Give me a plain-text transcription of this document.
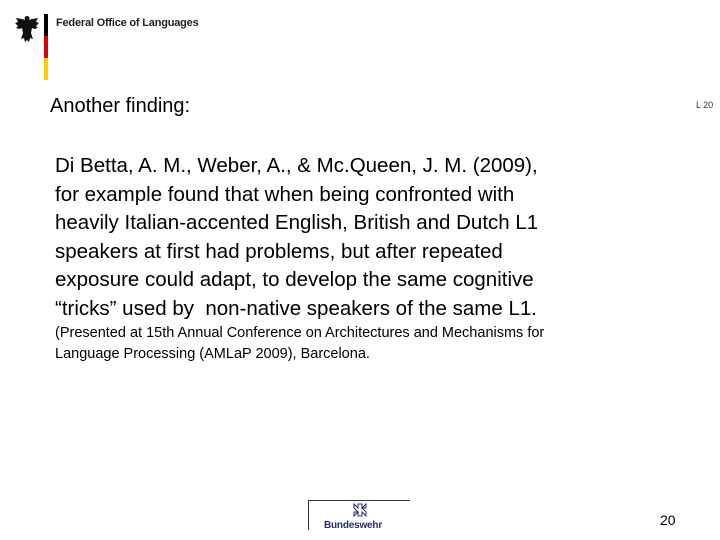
Federal Office of Languages
Another finding:	L 20
Di Betta, A. M., Weber, A., & Mc.Queen, J. M. (2009),
for example found that when being confronted with
heavily Italian-accented English, British and Dutch L1
speakers at first had problems, but after repeated
exposure could adapt, to develop the same cognitive
“tricks” used by  non-native speakers of the same L1.
(Presented at 15th Annual Conference on Architectures and Mechanisms for
Language Processing (AMLaP 2009), Barcelona.
Bundeswehr	20
